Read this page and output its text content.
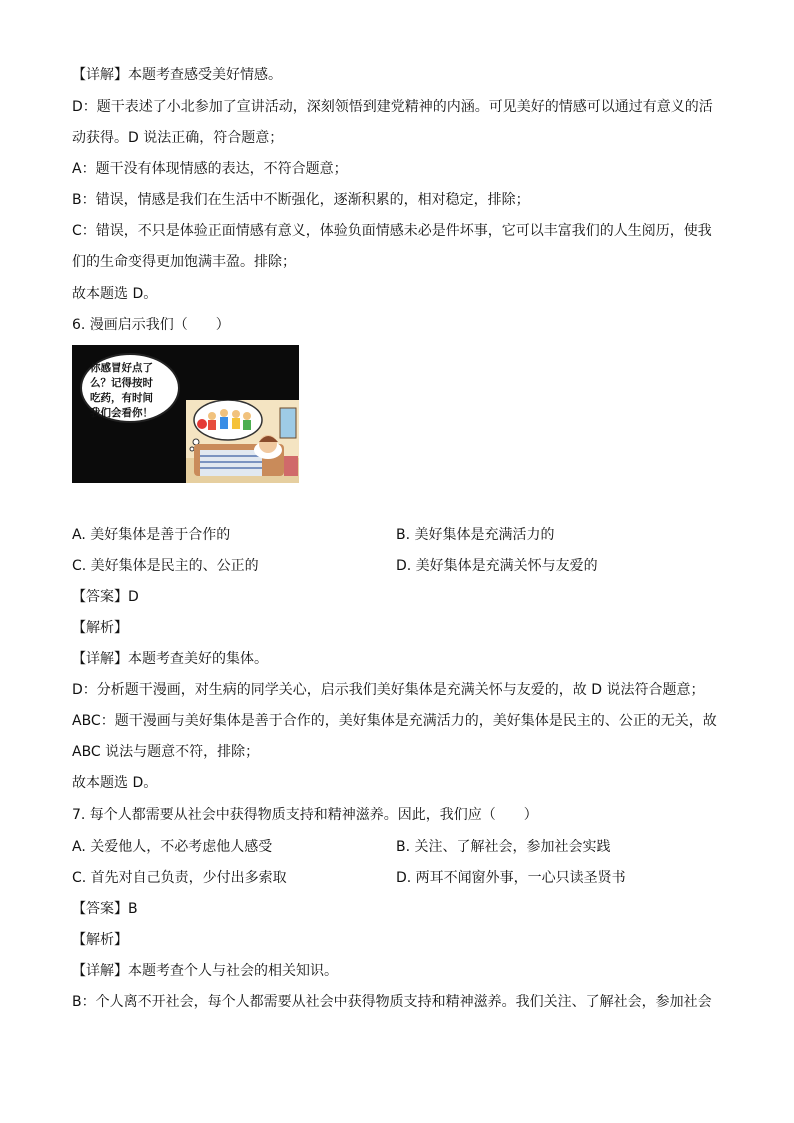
【详解】本题考查感受美好情感。
D：题干表述了小北参加了宣讲活动，深刻领悟到建党精神的内涵。可见美好的情感可以通过有意义的活
动获得。D 说法正确，符合题意；
A：题干没有体现情感的表达，不符合题意；
B：错误，情感是我们在生活中不断强化，逐渐积累的，相对稳定，排除；
C：错误，不只是体验正面情感有意义，体验负面情感未必是件坏事，它可以丰富我们的人生阅历，使我
们的生命变得更加饱满丰盈。排除；
故本题选 D。
6. 漫画启示我们（　　）
你感冒好点了
么？记得按时
吃药，有时间
我们会看你！
A. 美好集体是善于合作的	B. 美好集体是充满活力的
C. 美好集体是民主的、公正的	D. 美好集体是充满关怀与友爱的
【答案】D
【解析】
【详解】本题考查美好的集体。
D：分析题干漫画，对生病的同学关心，启示我们美好集体是充满关怀与友爱的，故 D 说法符合题意；
ABC：题干漫画与美好集体是善于合作的，美好集体是充满活力的，美好集体是民主的、公正的无关，故
ABC 说法与题意不符，排除；
故本题选 D。
7. 每个人都需要从社会中获得物质支持和精神滋养。因此，我们应（　　）
A. 关爱他人，不必考虑他人感受	B. 关注、了解社会，参加社会实践
C. 首先对自己负责，少付出多索取	D. 两耳不闻窗外事，一心只读圣贤书
【答案】B
【解析】
【详解】本题考查个人与社会的相关知识。
B：个人离不开社会，每个人都需要从社会中获得物质支持和精神滋养。我们关注、了解社会，参加社会
